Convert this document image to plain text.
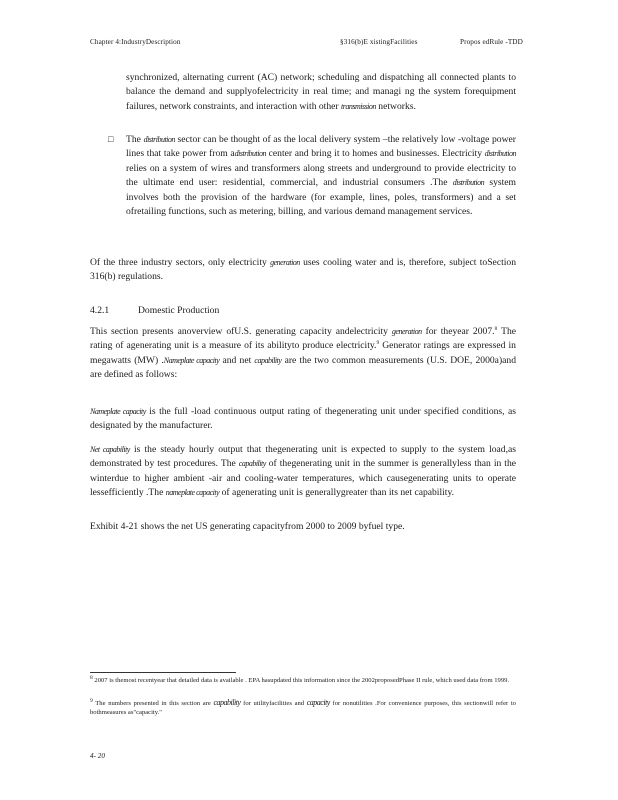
Chapter 4:IndustryDescription	§316(b)E xistingFacilities	Propos edRule -TDD
synchronized, alternating current (AC) network; scheduling and dispatching all connected plants to balance the demand and supplyofelectricity in real time; and managi ng the system forequipment failures, network constraints, and interaction with other transmission networks.
□ The distribution sector can be thought of as the local delivery system –the relatively low -voltage power lines that take power from adistribution center and bring it to homes and businesses. Electricity distribution relies on a system of wires and transformers along streets and underground to provide electricity to the ultimate end user: residential, commercial, and industrial consumers .The distribution system involves both the provision of the hardware (for example, lines, poles, transformers) and a set ofretailing functions, such as metering, billing, and various demand management services.
Of the three industry sectors, only electricity generation uses cooling water and is, therefore, subject toSection 316(b) regulations.
4.2.1	Domestic Production
This section presents anoverview ofU.S. generating capacity andelectricity generation for theyear 2007.$^8$ The rating of agenerating unit is a measure of its abilityto produce electricity.$^9$ Generator ratings are expressed in megawatts (MW) .Nameplate capacity and net capability are the two common measurements (U.S. DOE, 2000a)and are defined as follows:
Nameplate capacity is the full -load continuous output rating of thegenerating unit under specified conditions, as designated by the manufacturer.
Net capability is the steady hourly output that thegenerating unit is expected to supply to the system load,as demonstrated by test procedures. The capability of thegenerating unit in the summer is generallyless than in the winterdue to higher ambient -air and cooling-water temperatures, which causegenerating units to operate lessefficiently .The nameplate capacity of agenerating unit is generallygreater than its net capability.
Exhibit 4-21 shows the net US generating capacityfrom 2000 to 2009 byfuel type.
$^8$ 2007 is themost recentyear that detailed data is available . EPA hasupdated this information since the 2002proposedPhase II rule, which used data from 1999.
$^9$ The numbers presented in this section are capability for utilityfacilities and capacity for nonutilities .For convenience purposes, this sectionwill refer to bothmeasures as"capacity."
4- 20
